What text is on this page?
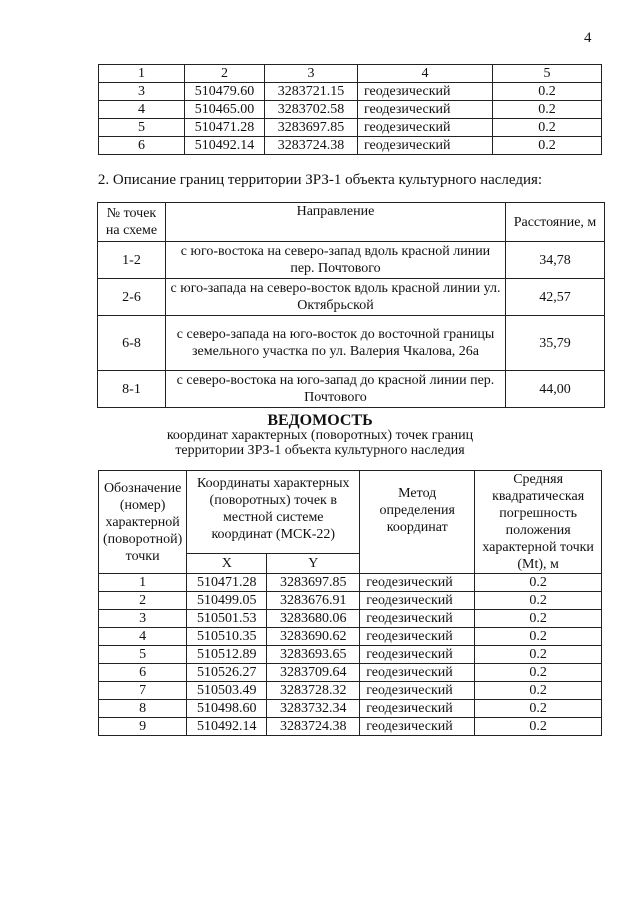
4
1	2	3	4	5
3	510479.60	3283721.15	геодезический	0.2
4	510465.00	3283702.58	геодезический	0.2
5	510471.28	3283697.85	геодезический	0.2
6	510492.14	3283724.38	геодезический	0.2
2. Описание границ территории ЗРЗ-1 объекта культурного наследия:
№ точек на схеме	Направление	Расстояние, м
1-2	с юго-востока на северо-запад вдоль красной линии пер. Почтового	34,78
2-6	с юго-запада на северо-восток вдоль красной линии ул. Октябрьской	42,57
6-8	с северо-запада на юго-восток до восточной границы земельного участка по ул. Валерия Чкалова, 26а	35,79
8-1	с северо-востока на юго-запад до красной линии пер. Почтового	44,00
ВЕДОМОСТЬ
координат характерных (поворотных) точек границ
территории ЗРЗ-1 объекта культурного наследия
Обозначение (номер) характерной (поворотной) точки	Координаты характерных (поворотных) точек в местной системе координат (МСК-22)		Метод определения координат	Средняя квадратическая погрешность положения характерной точки (Mt), м
	X	Y		
1	510471.28	3283697.85	геодезический	0.2
2	510499.05	3283676.91	геодезический	0.2
3	510501.53	3283680.06	геодезический	0.2
4	510510.35	3283690.62	геодезический	0.2
5	510512.89	3283693.65	геодезический	0.2
6	510526.27	3283709.64	геодезический	0.2
7	510503.49	3283728.32	геодезический	0.2
8	510498.60	3283732.34	геодезический	0.2
9	510492.14	3283724.38	геодезический	0.2
